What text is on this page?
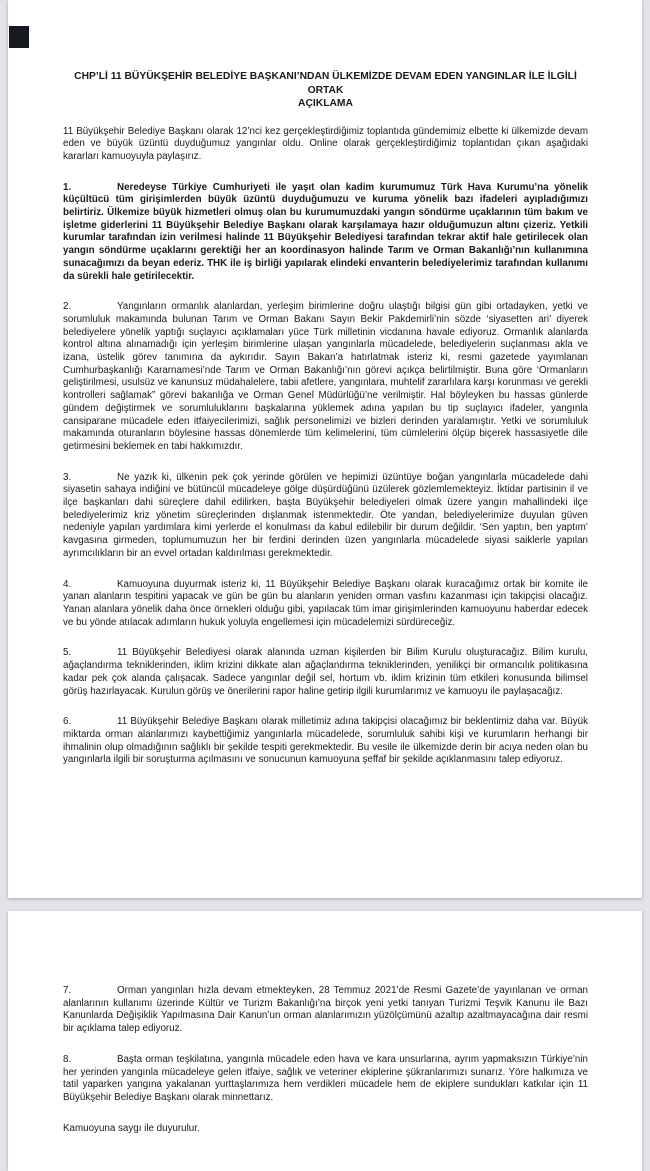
CHP’Lİ 11 BÜYÜKŞEHİR BELEDİYE BAŞKANI’NDAN ÜLKEMİZDE DEVAM EDEN YANGINLAR İLE İLGİLİ ORTAK
AÇIKLAMA

11 Büyükşehir Belediye Başkanı olarak 12’nci kez gerçekleştirdiğimiz toplantıda gündemimiz elbette ki ülkemizde devam eden ve büyük üzüntü duyduğumuz yangınlar oldu. Online olarak gerçekleştirdiğimiz toplantıdan çıkan aşağıdaki kararları kamuoyuyla paylaşırız.

1.	Neredeyse Türkiye Cumhuriyeti ile yaşıt olan kadim kurumumuz Türk Hava Kurumu’na yönelik küçültücü tüm girişimlerden büyük üzüntü duyduğumuzu ve kuruma yönelik bazı ifadeleri ayıpladığımızı belirtiriz. Ülkemize büyük hizmetleri olmuş olan bu kurumumuzdaki yangın söndürme uçaklarının tüm bakım ve işletme giderlerini 11 Büyükşehir Belediye Başkanı olarak karşılamaya hazır olduğumuzun altını çizeriz. Yetkili kurumlar tarafından izin verilmesi halinde 11 Büyükşehir Belediyesi tarafından tekrar aktif hale getirilecek olan yangın söndürme uçaklarını gerektiği her an koordinasyon halinde Tarım ve Orman Bakanlığı’nın kullanımına sunacağımızı da beyan ederiz. THK ile iş birliği yapılarak elindeki envanterin belediyelerimiz tarafından kullanımı da sürekli hale getirilecektir.

2.	Yangınların ormanlık alanlardan, yerleşim birimlerine doğru ulaştığı bilgisi gün gibi ortadayken, yetki ve sorumluluk makamında bulunan Tarım ve Orman Bakanı Sayın Bekir Pakdemirli’nin sözde ‘siyasetten ari’ diyerek belediyelere yönelik yaptığı suçlayıcı açıklamaları yüce Türk milletinin vicdanına havale ediyoruz. Ormanlık alanlarda kontrol altına alınamadığı için yerleşim birimlerine ulaşan yangınlarla mücadelede, belediyelerin suçlanması akla ve izana, üstelik görev tanımına da aykırıdır. Sayın Bakan’a hatırlatmak isteriz ki, resmi gazetede yayımlanan Cumhurbaşkanlığı Kararnamesi’nde Tarım ve Orman Bakanlığı’nın görevi açıkça belirtilmiştir. Buna göre ‘Ormanların geliştirilmesi, usulsüz ve kanunsuz müdahalelere, tabii afetlere, yangınlara, muhtelif zararlılara karşı korunması ve gerekli kontrolleri sağlamak” görevi bakanlığa ve Orman Genel Müdürlüğü’ne verilmiştir. Hal böyleyken bu hassas günlerde gündem değiştirmek ve sorumluluklarını başkalarına yüklemek adına yapılan bu tip suçlayıcı ifadeler, yangınla cansiparane mücadele eden itfaiyecilerimizi, sağlık personelimizi ve bizleri derinden yaralamıştır. Yetki ve sorumluluk makamında oturanların böylesine hassas dönemlerde tüm kelimelerini, tüm cümlelerini ölçüp biçerek hassasiyetle dile getirmesini beklemek en tabi hakkımızdır.

3.	Ne yazık ki, ülkenin pek çok yerinde görülen ve hepimizi üzüntüye boğan yangınlarla mücadelede dahi siyasetin sahaya indiğini ve bütüncül mücadeleye gölge düşürdüğünü üzülerek gözlemlemekteyiz. İktidar partisinin il ve ilçe başkanları dahi süreçlere dahil edilirken, başta Büyükşehir belediyeleri olmak üzere yangın mahallindeki ilçe belediyelerimiz kriz yönetim süreçlerinden dışlanmak istenmektedir. Öte yandan, belediyelerimize duyulan güven nedeniyle yapılan yardımlara kimi yerlerde el konulması da kabul edilebilir bir durum değildir. ‘Sen yaptın, ben yaptım’ kavgasına girmeden, toplumumuzun her bir ferdini derinden üzen yangınlarla mücadelede siyasi saiklerle yapılan ayrımcılıkların bir an evvel ortadan kaldırılması gerekmektedir.

4.	Kamuoyuna duyurmak isteriz ki, 11 Büyükşehir Belediye Başkanı olarak kuracağımız ortak bir komite ile yanan alanların tespitini yapacak ve gün be gün bu alanların yeniden orman vasfını kazanması için takipçisi olacağız. Yanan alanlara yönelik daha önce örnekleri olduğu gibi, yapılacak tüm imar girişimlerinden kamuoyunu haberdar edecek ve bu yönde atılacak adımların hukuk yoluyla engellemesi için mücadelemizi sürdüreceğiz.

5.	11 Büyükşehir Belediyesi olarak alanında uzman kişilerden bir Bilim Kurulu oluşturacağız. Bilim kurulu, ağaçlandırma tekniklerinden, iklim krizini dikkate alan ağaçlandırma tekniklerinden, yenilikçi bir ormancılık politikasına kadar pek çok alanda çalışacak. Sadece yangınlar değil sel, hortum vb. iklim krizinin tüm etkileri konusunda bilimsel görüş hazırlayacak. Kurulun görüş ve önerilerini rapor haline getirip ilgili kurumlarımız ve kamuoyu ile paylaşacağız.

6.	11 Büyükşehir Belediye Başkanı olarak milletimiz adına takipçisi olacağımız bir beklentimiz daha var. Büyük miktarda orman alanlarımızı kaybettiğimiz yangınlarla mücadelede, sorumluluk sahibi kişi ve kurumların herhangi bir ihmalinin olup olmadığının sağlıklı bir şekilde tespiti gerekmektedir. Bu vesile ile ülkemizde derin bir acıya neden olan bu yangınlarla ilgili bir soruşturma açılmasını ve sonucunun kamuoyuna şeffaf bir şekilde açıklanmasını talep ediyoruz.

7.	Orman yangınları hızla devam etmekteyken, 28 Temmuz 2021’de Resmi Gazete’de yayınlanan ve orman alanlarının kullanımı üzerinde Kültür ve Turizm Bakanlığı’na birçok yeni yetki tanıyan Turizmi Teşvik Kanunu ile Bazı Kanunlarda Değişiklik Yapılmasına Dair Kanun’un orman alanlarımızın yüzölçümünü azaltıp azaltmayacağına dair resmi bir açıklama talep ediyoruz.

8.	Başta orman teşkilatına, yangınla mücadele eden hava ve kara unsurlarına, ayrım yapmaksızın Türkiye’nin her yerinden yangınla mücadeleye gelen itfaiye, sağlık ve veteriner ekiplerine şükranlarımızı sunarız. Yöre halkımıza ve tatil yaparken yangına yakalanan yurttaşlarımıza hem verdikleri mücadele hem de ekiplere sundukları katkılar için 11 Büyükşehir Belediye Başkanı olarak minnettarız.

Kamuoyuna saygı ile duyurulur.
